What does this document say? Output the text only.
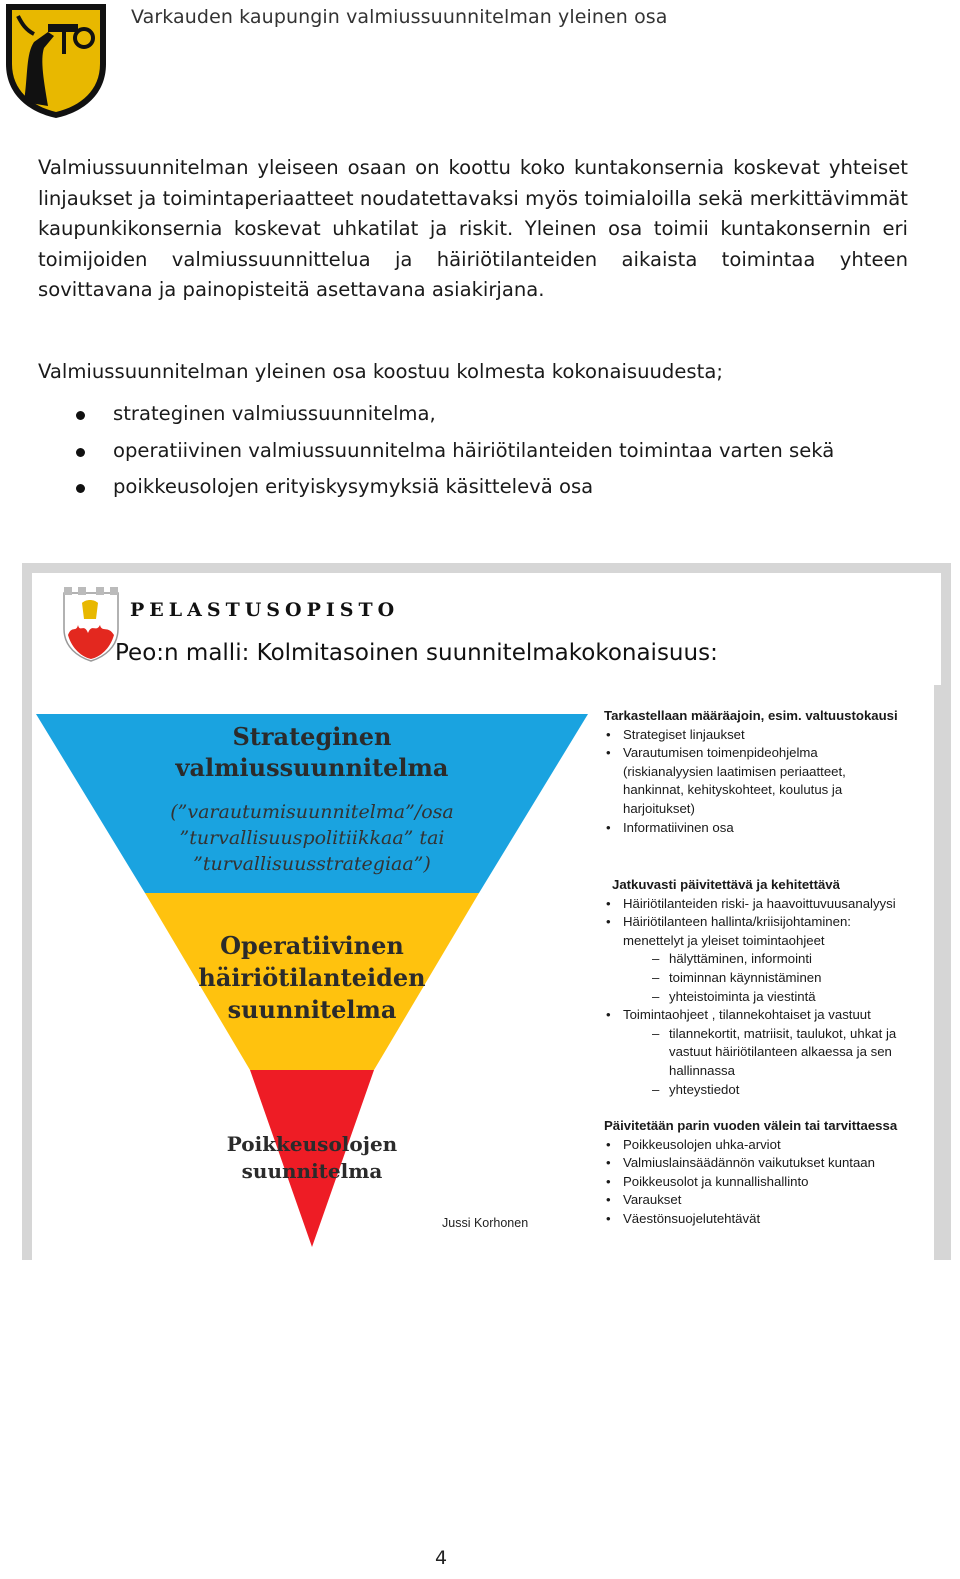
Varkauden kaupungin valmiussuunnitelman yleinen osa
Valmiussuunnitelman yleiseen osaan on koottu koko kuntakonsernia koskevat yhteiset linjaukset ja toimintaperiaatteet noudatettavaksi myös toimialoilla sekä merkittävimmät kaupunkikonsernia koskevat uhkatilat ja riskit. Yleinen osa toimii kuntakonsernin eri toimijoiden valmiussuunnittelua ja häiriötilanteiden aikaista toimintaa yhteen sovittavana ja painopisteitä asettavana asiakirjana.
Valmiussuunnitelman yleinen osa koostuu kolmesta kokonaisuudesta;
strateginen valmiussuunnitelma,
operatiivinen valmiussuunnitelma häiriötilanteiden toimintaa varten sekä
poikkeusolojen erityiskysymyksiä käsittelevä osa
PELASTUSOPISTO
Peo:n malli: Kolmitasoinen suunnitelmakokonaisuus:
Strateginen
valmiussuunnitelma
(”varautumisuunnitelma”/osa
”turvallisuuspolitiikkaa” tai
”turvallisuusstrategiaa”)
Operatiivinen
häiriötilanteiden
suunnitelma
Poikkeusolojen
suunnitelma
Jussi Korhonen
Tarkastellaan määräajoin, esim. valtuustokausi
• Strategiset linjaukset
• Varautumisen toimenpideohjelma
(riskianalyysien laatimisen periaatteet,
hankinnat, kehityskohteet, koulutus ja
harjoitukset)
• Informatiivinen osa
Jatkuvasti päivitettävä ja kehitettävä
• Häiriötilanteiden riski- ja haavoittuvuusanalyysi
• Häiriötilanteen hallinta/kriisijohtaminen:
menettelyt ja yleiset toimintaohjeet
– hälyttäminen, informointi
– toiminnan käynnistäminen
– yhteistoiminta ja viestintä
• Toimintaohjeet , tilannekohtaiset ja vastuut
– tilannekortit, matriisit, taulukot, uhkat ja
vastuut häiriötilanteen alkaessa ja sen
hallinnassa
– yhteystiedot
Päivitetään parin vuoden välein tai tarvittaessa
• Poikkeusolojen uhka-arviot
• Valmiuslainsäädännön vaikutukset kuntaan
• Poikkeusolot ja kunnallishallinto
• Varaukset
• Väestönsuojelutehtävät
4
